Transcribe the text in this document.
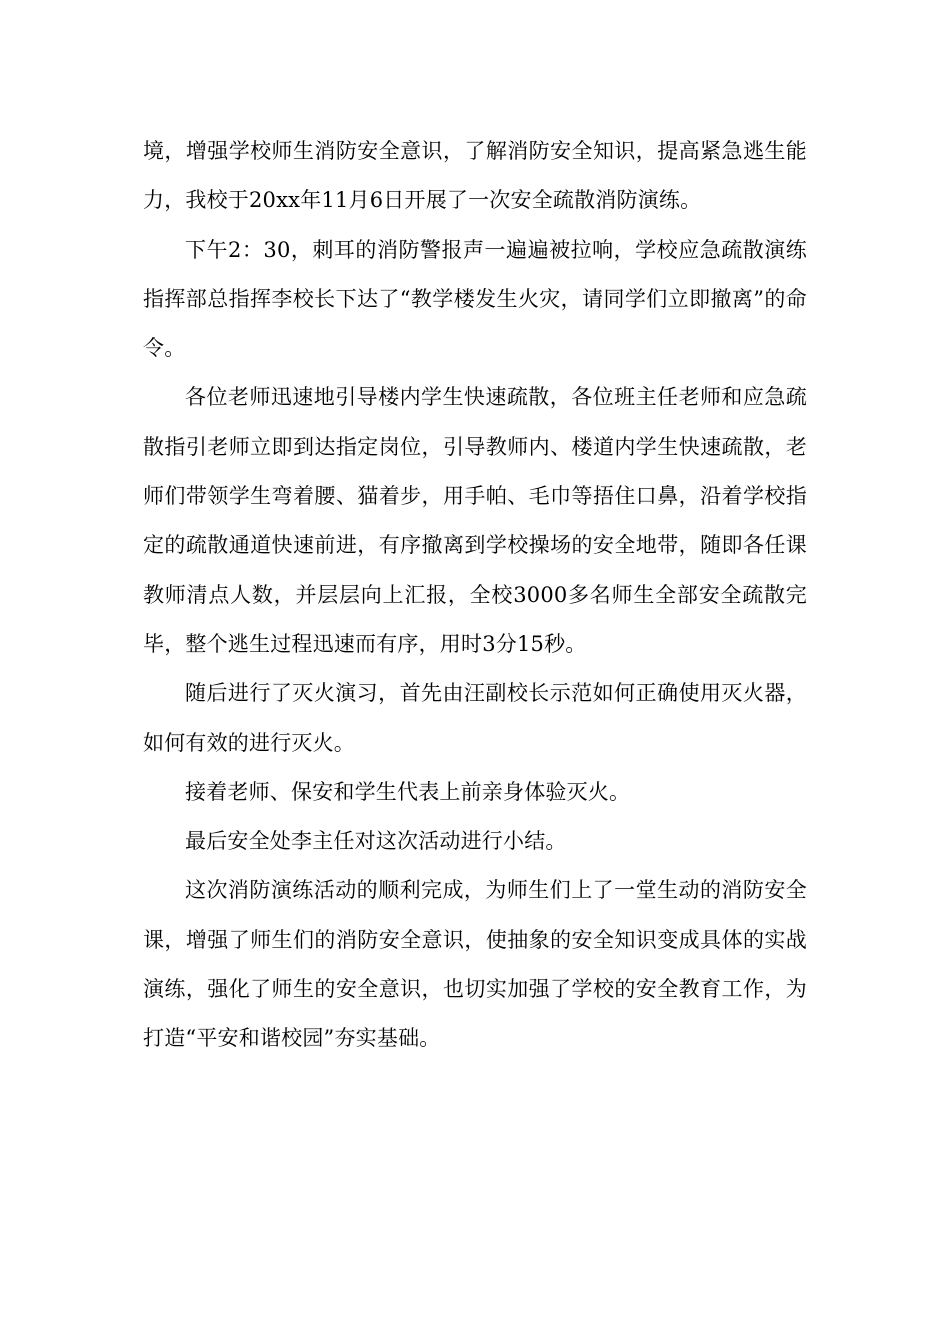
境，增强学校师生消防安全意识，了解消防安全知识，提高紧急逃生能力，我校于20xx年11月6日开展了一次安全疏散消防演练。

下午2：30，刺耳的消防警报声一遍遍被拉响，学校应急疏散演练指挥部总指挥李校长下达了“教学楼发生火灾，请同学们立即撤离”的命令。

各位老师迅速地引导楼内学生快速疏散，各位班主任老师和应急疏散指引老师立即到达指定岗位，引导教师内、楼道内学生快速疏散，老师们带领学生弯着腰、猫着步，用手帕、毛巾等捂住口鼻，沿着学校指定的疏散通道快速前进，有序撤离到学校操场的安全地带，随即各任课教师清点人数，并层层向上汇报，全校3000多名师生全部安全疏散完毕，整个逃生过程迅速而有序，用时3分15秒。

随后进行了灭火演习，首先由汪副校长示范如何正确使用灭火器，如何有效的进行灭火。

接着老师、保安和学生代表上前亲身体验灭火。

最后安全处李主任对这次活动进行小结。

这次消防演练活动的顺利完成，为师生们上了一堂生动的消防安全课，增强了师生们的消防安全意识，使抽象的安全知识变成具体的实战演练，强化了师生的安全意识，也切实加强了学校的安全教育工作，为打造“平安和谐校园”夯实基础。
